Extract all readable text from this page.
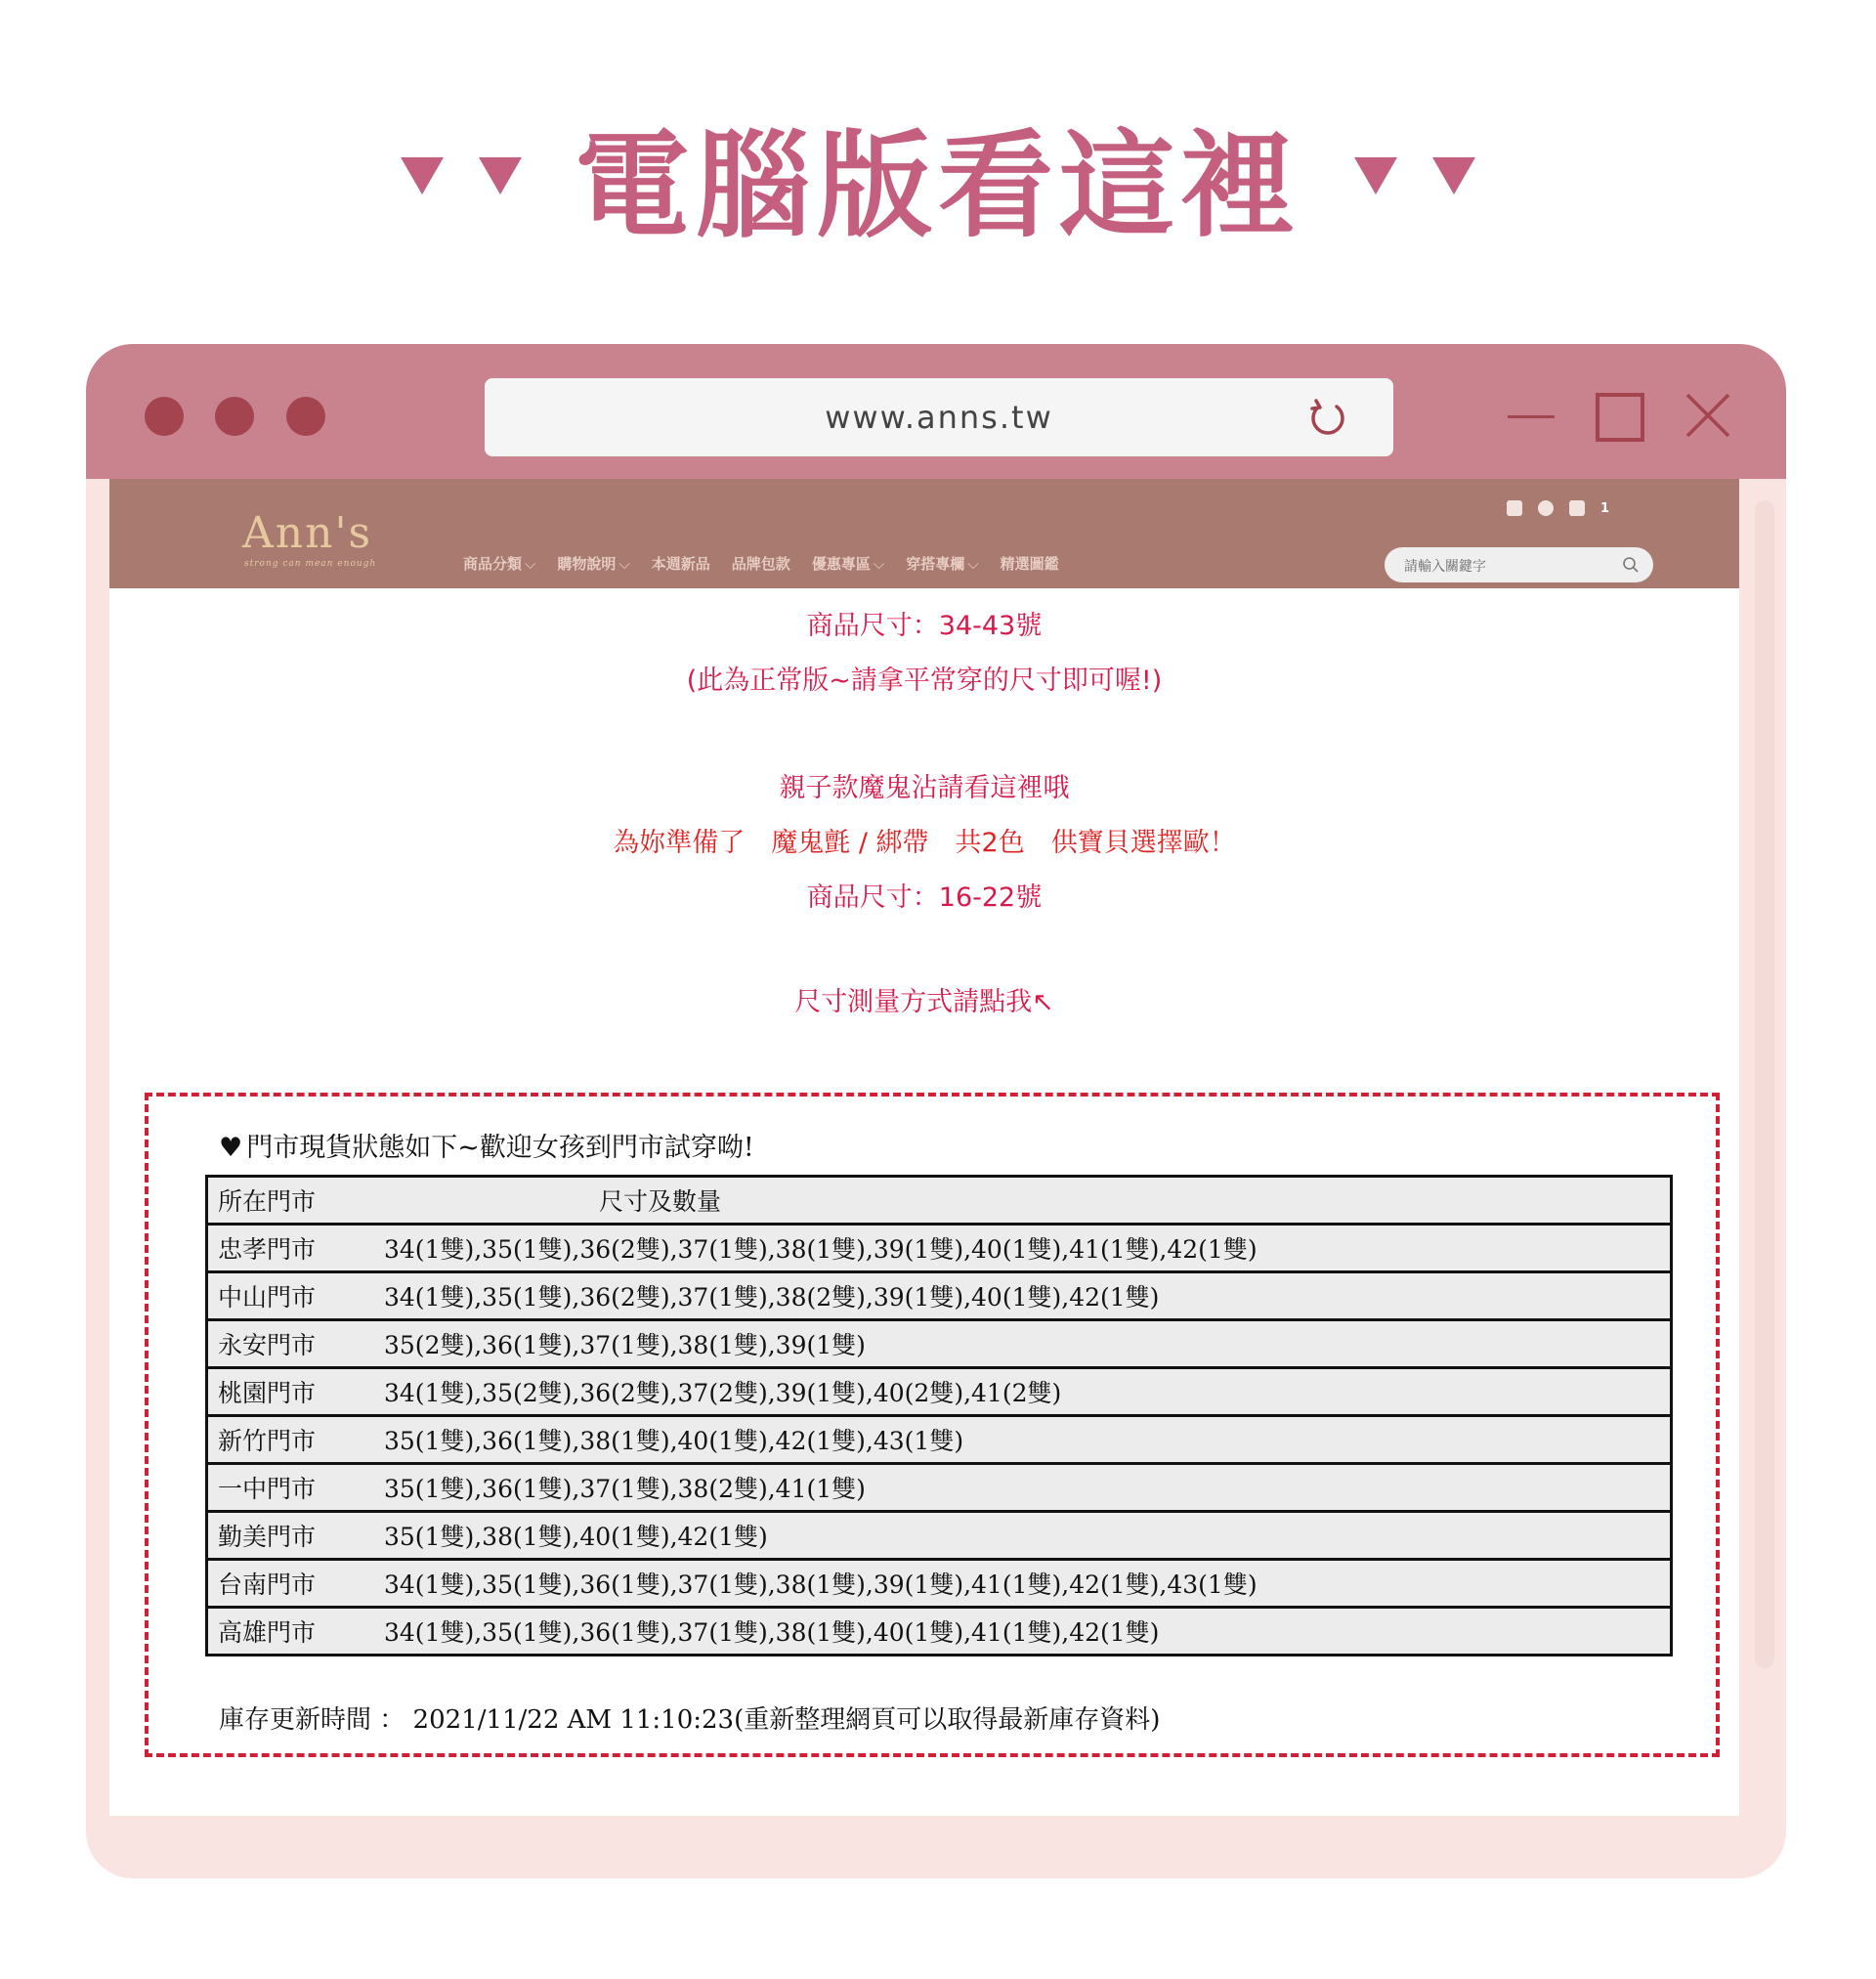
電腦版看這裡
www.anns.tw
Ann's
strong can mean enough	商品分類 ⌵ 購物說明 ⌵ 本週新品 品牌包款 優惠專區 ⌵ 穿搭專欄 ⌵ 精選圖鑑
1
請輸入關鍵字
商品尺寸：34-43號
(此為正常版~請拿平常穿的尺寸即可喔!)
親子款魔鬼沾請看這裡哦
為妳準備了　魔鬼氈 / 綁帶　共2色　供寶貝選擇歐！
商品尺寸：16-22號
尺寸測量方式請點我↖
♥ 門市現貨狀態如下~歡迎女孩到門市試穿呦!
所在門市	尺寸及數量
忠孝門市	34(1雙),35(1雙),36(2雙),37(1雙),38(1雙),39(1雙),40(1雙),41(1雙),42(1雙)
中山門市	34(1雙),35(1雙),36(2雙),37(1雙),38(2雙),39(1雙),40(1雙),42(1雙)
永安門市	35(2雙),36(1雙),37(1雙),38(1雙),39(1雙)
桃園門市	34(1雙),35(2雙),36(2雙),37(2雙),39(1雙),40(2雙),41(2雙)
新竹門市	35(1雙),36(1雙),38(1雙),40(1雙),42(1雙),43(1雙)
一中門市	35(1雙),36(1雙),37(1雙),38(2雙),41(1雙)
勤美門市	35(1雙),38(1雙),40(1雙),42(1雙)
台南門市	34(1雙),35(1雙),36(1雙),37(1雙),38(1雙),39(1雙),41(1雙),42(1雙),43(1雙)
高雄門市	34(1雙),35(1雙),36(1雙),37(1雙),38(1雙),40(1雙),41(1雙),42(1雙)
庫存更新時間 ： 2021/11/22 AM 11:10:23(重新整理網頁可以取得最新庫存資料)
